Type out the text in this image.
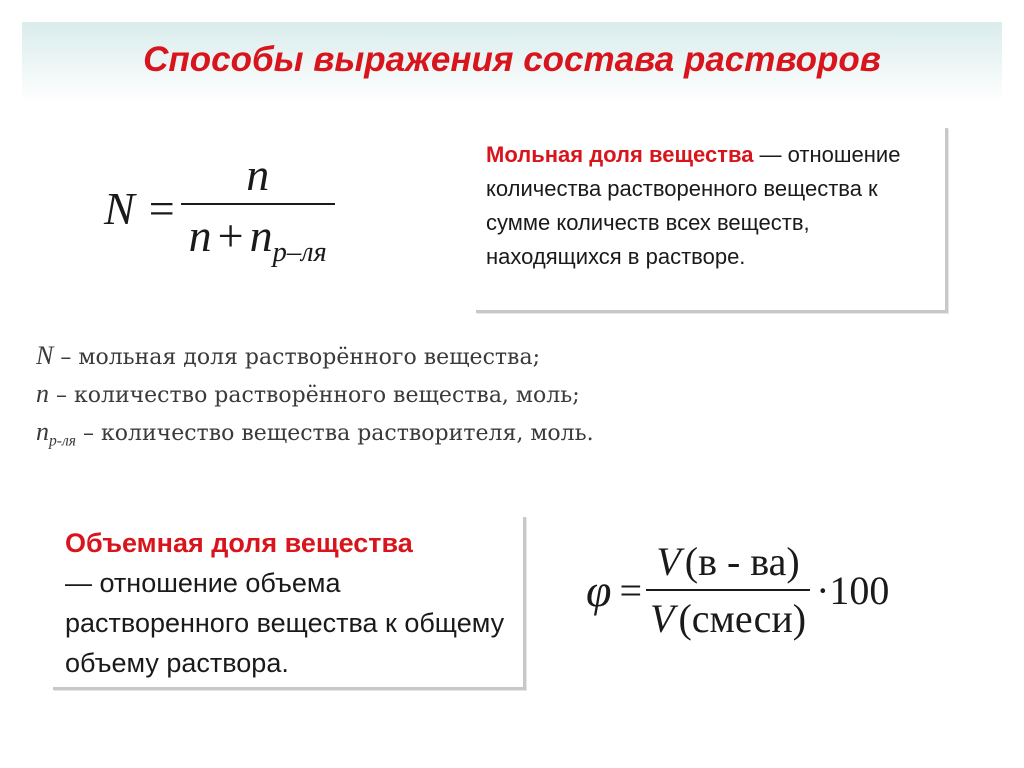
Способы выражения состава растворов
$N = \frac{n}{n + n_{р-ля}}$	Мольная доля вещества — отношение количества растворенного вещества к сумме количеств всех веществ, находящихся в растворе.
N – мольная доля растворённого вещества;
n – количество растворённого вещества, моль;
$n_{р-ля}$ – количество вещества растворителя, моль.
Объемная доля вещества
— отношение объема растворенного вещества к общему объему раствора.
$\varphi = \frac{V (в - ва)}{\text{V (смеси)}} \cdot 100$
